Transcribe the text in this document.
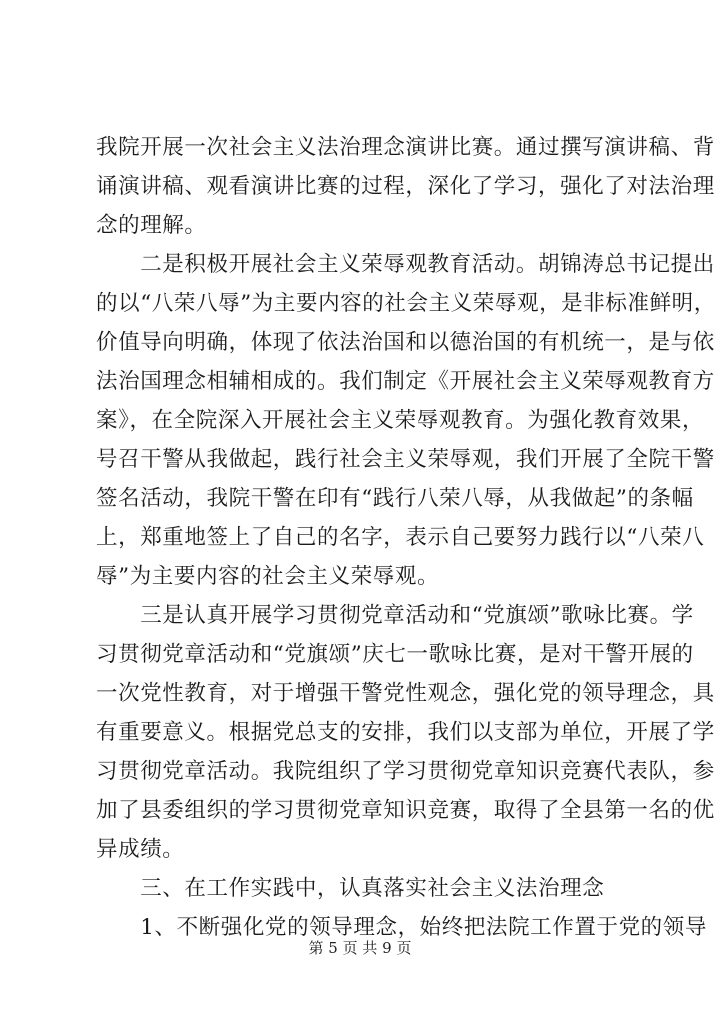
我院开展一次社会主义法治理念演讲比赛。通过撰写演讲稿、背
诵演讲稿、观看演讲比赛的过程，深化了学习，强化了对法治理
念的理解。
　　二是积极开展社会主义荣辱观教育活动。胡锦涛总书记提出
的以“八荣八辱”为主要内容的社会主义荣辱观，是非标准鲜明，
价值导向明确，体现了依法治国和以德治国的有机统一，是与依
法治国理念相辅相成的。我们制定《开展社会主义荣辱观教育方
案》，在全院深入开展社会主义荣辱观教育。为强化教育效果，
号召干警从我做起，践行社会主义荣辱观，我们开展了全院干警
签名活动，我院干警在印有“践行八荣八辱，从我做起”的条幅
上，郑重地签上了自己的名字，表示自己要努力践行以“八荣八
辱”为主要内容的社会主义荣辱观。
　　三是认真开展学习贯彻党章活动和“党旗颂”歌咏比赛。学
习贯彻党章活动和“党旗颂”庆七一歌咏比赛，是对干警开展的
一次党性教育，对于增强干警党性观念，强化党的领导理念，具
有重要意义。根据党总支的安排，我们以支部为单位，开展了学
习贯彻党章活动。我院组织了学习贯彻党章知识竞赛代表队，参
加了县委组织的学习贯彻党章知识竞赛，取得了全县第一名的优
异成绩。
　　三、在工作实践中，认真落实社会主义法治理念
　　1、不断强化党的领导理念，始终把法院工作置于党的领导
第 5 页 共 9 页
